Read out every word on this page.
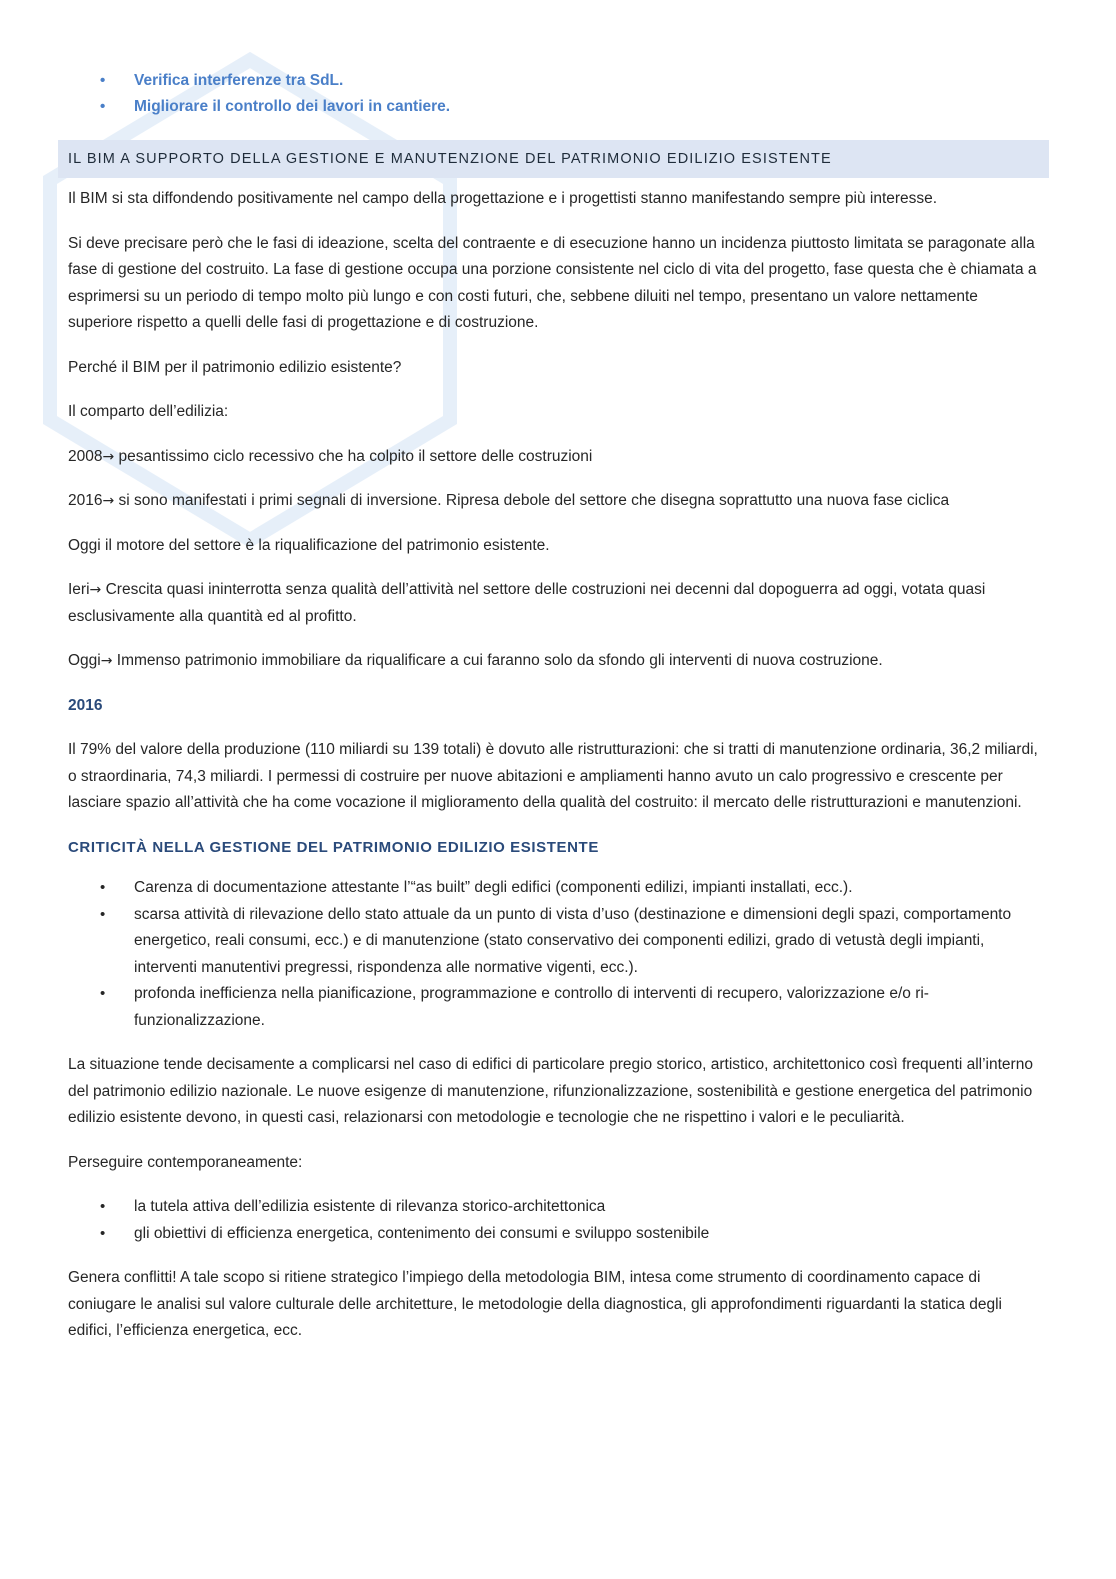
• Verifica interferenze tra SdL.
• Migliorare il controllo dei lavori in cantiere.
IL BIM A SUPPORTO DELLA GESTIONE E MANUTENZIONE DEL PATRIMONIO EDILIZIO ESISTENTE

Il BIM si sta diffondendo positivamente nel campo della progettazione e i progettisti stanno manifestando sempre più interesse.

Si deve precisare però che le fasi di ideazione, scelta del contraente e di esecuzione hanno un incidenza piuttosto limitata se paragonate alla fase di gestione del costruito. La fase di gestione occupa una porzione consistente nel ciclo di vita del progetto, fase questa che è chiamata a esprimersi su un periodo di tempo molto più lungo e con costi futuri, che, sebbene diluiti nel tempo, presentano un valore nettamente superiore rispetto a quelli delle fasi di progettazione e di costruzione.

Perché il BIM per il patrimonio edilizio esistente?

Il comparto dell’edilizia:

2008→ pesantissimo ciclo recessivo che ha colpito il settore delle costruzioni

2016→ si sono manifestati i primi segnali di inversione. Ripresa debole del settore che disegna soprattutto una nuova fase ciclica

Oggi il motore del settore è la riqualificazione del patrimonio esistente.

Ieri→ Crescita quasi ininterrotta senza qualità dell’attività nel settore delle costruzioni nei decenni dal dopoguerra ad oggi, votata quasi esclusivamente alla quantità ed al profitto.

Oggi→ Immenso patrimonio immobiliare da riqualificare a cui faranno solo da sfondo gli interventi di nuova costruzione.

2016

Il 79% del valore della produzione (110 miliardi su 139 totali) è dovuto alle ristrutturazioni: che si tratti di manutenzione ordinaria, 36,2 miliardi, o straordinaria, 74,3 miliardi. I permessi di costruire per nuove abitazioni e ampliamenti hanno avuto un calo progressivo e crescente per lasciare spazio all’attività che ha come vocazione il miglioramento della qualità del costruito: il mercato delle ristrutturazioni e manutenzioni.

CRITICITÀ NELLA GESTIONE DEL PATRIMONIO EDILIZIO ESISTENTE
• Carenza di documentazione attestante l’“as built” degli edifici (componenti edilizi, impianti installati, ecc.).
• scarsa attività di rilevazione dello stato attuale da un punto di vista d’uso (destinazione e dimensioni degli spazi, comportamento energetico, reali consumi, ecc.) e di manutenzione (stato conservativo dei componenti edilizi, grado di vetustà degli impianti, interventi manutentivi pregressi, rispondenza alle normative vigenti, ecc.).
• profonda inefficienza nella pianificazione, programmazione e controllo di interventi di recupero, valorizzazione e/o ri-funzionalizzazione.

La situazione tende decisamente a complicarsi nel caso di edifici di particolare pregio storico, artistico, architettonico così frequenti all’interno del patrimonio edilizio nazionale. Le nuove esigenze di manutenzione, rifunzionalizzazione, sostenibilità e gestione energetica del patrimonio edilizio esistente devono, in questi casi, relazionarsi con metodologie e tecnologie che ne rispettino i valori e le peculiarità.

Perseguire contemporaneamente:

• la tutela attiva dell’edilizia esistente di rilevanza storico-architettonica
• gli obiettivi di efficienza energetica, contenimento dei consumi e sviluppo sostenibile

Genera conflitti! A tale scopo si ritiene strategico l’impiego della metodologia BIM, intesa come strumento di coordinamento capace di coniugare le analisi sul valore culturale delle architetture, le metodologie della diagnostica, gli approfondimenti riguardanti la statica degli edifici, l’efficienza energetica, ecc.
